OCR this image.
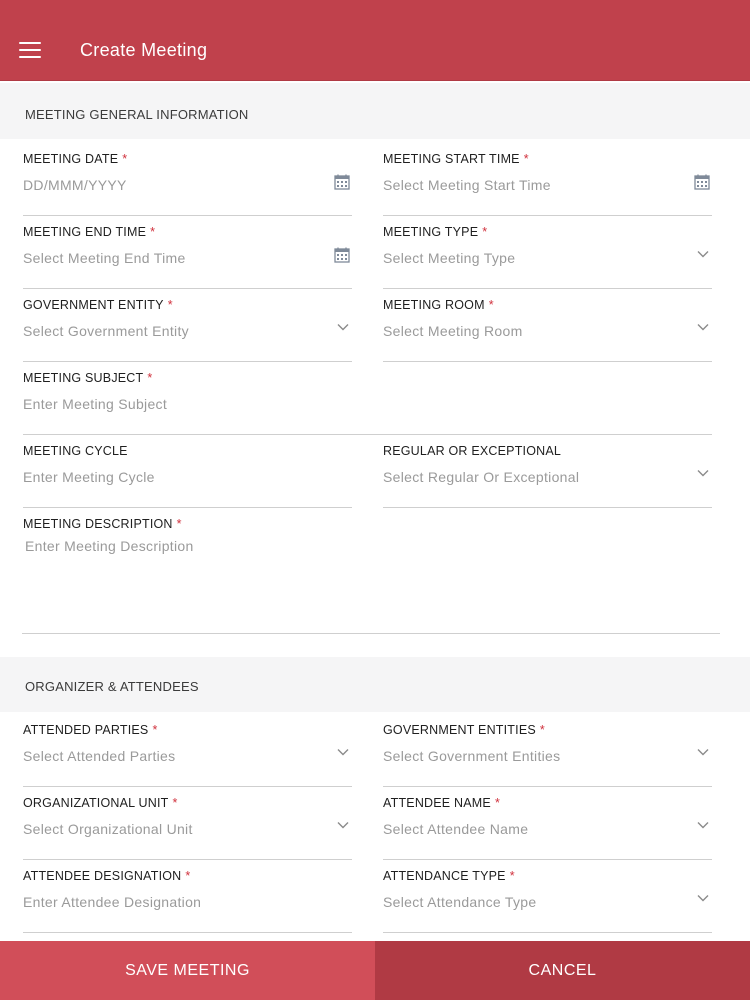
Create Meeting
MEETING GENERAL INFORMATION
MEETING DATE *
DD/MMM/YYYY
MEETING START TIME *
Select Meeting Start Time
MEETING END TIME *
Select Meeting End Time
MEETING TYPE *
Select Meeting Type
GOVERNMENT ENTITY *
Select Government Entity
MEETING ROOM *
Select Meeting Room
MEETING SUBJECT *
Enter Meeting Subject
MEETING CYCLE
Enter Meeting Cycle
REGULAR OR EXCEPTIONAL
Select Regular Or Exceptional
MEETING DESCRIPTION *
Enter Meeting Description
ORGANIZER & ATTENDEES
ATTENDED PARTIES *
Select Attended Parties
GOVERNMENT ENTITIES *
Select Government Entities
ORGANIZATIONAL UNIT *
Select Organizational Unit
ATTENDEE NAME *
Select Attendee Name
ATTENDEE DESIGNATION *
Enter Attendee Designation
ATTENDANCE TYPE *
Select Attendance Type
SAVE MEETING	CANCEL
